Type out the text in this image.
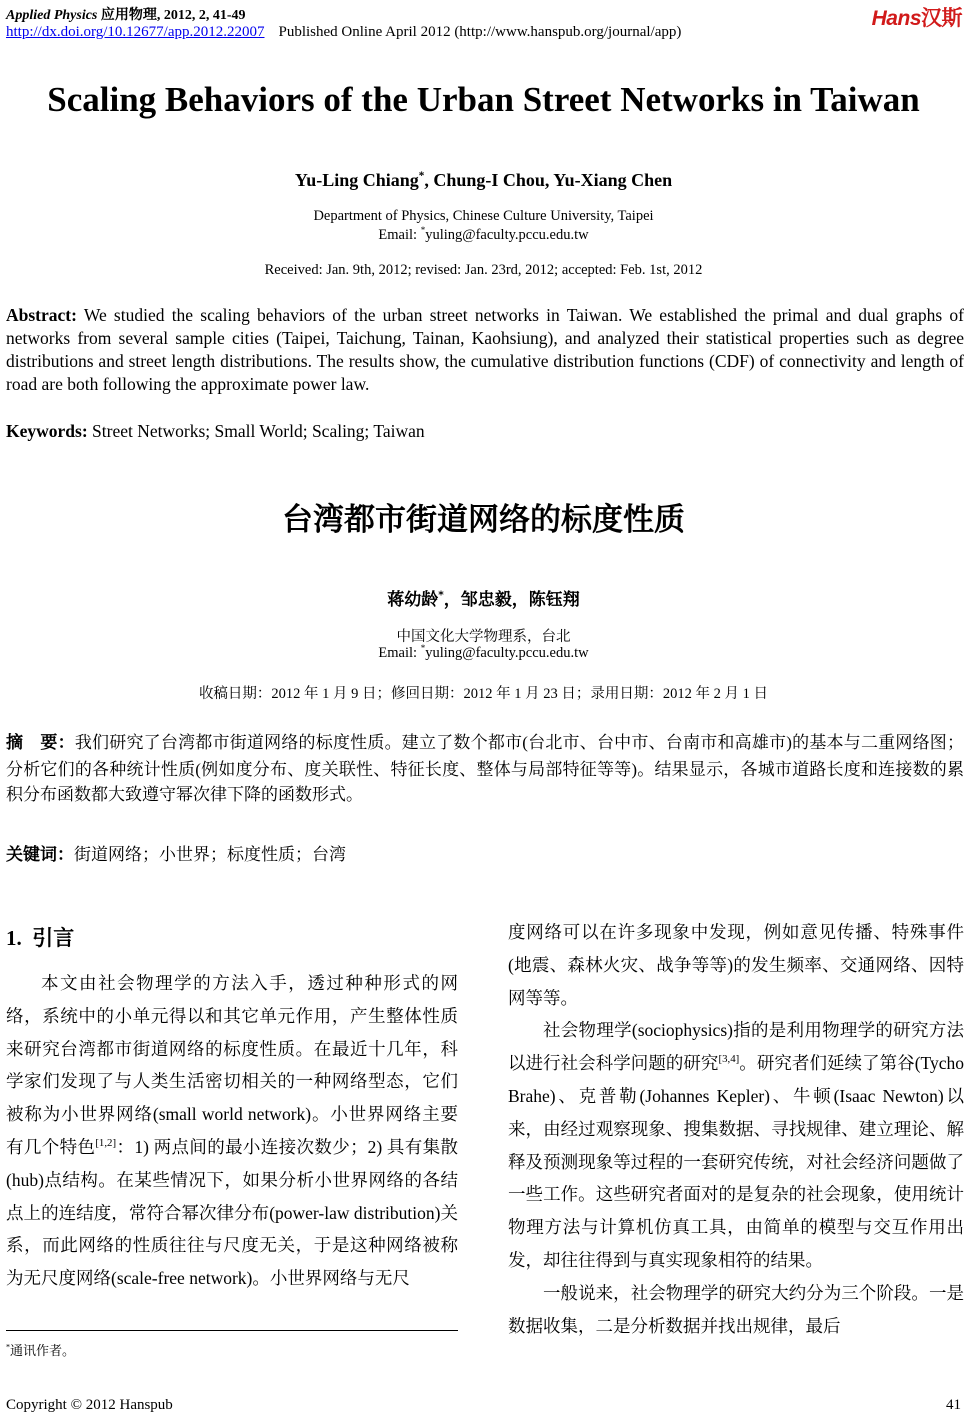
Applied Physics 应用物理, 2012, 2, 41-49
http://dx.doi.org/10.12677/app.2012.22007 Published Online April 2012 (http://www.hanspub.org/journal/app)
Hans汉斯
Scaling Behaviors of the Urban Street Networks in Taiwan
Yu-Ling Chiang*, Chung-I Chou, Yu-Xiang Chen
Department of Physics, Chinese Culture University, Taipei
Email: *yuling@faculty.pccu.edu.tw
Received: Jan. 9th, 2012; revised: Jan. 23rd, 2012; accepted: Feb. 1st, 2012
Abstract: We studied the scaling behaviors of the urban street networks in Taiwan. We established the primal and dual graphs of networks from several sample cities (Taipei, Taichung, Tainan, Kaohsiung), and analyzed their statistical properties such as degree distributions and street length distributions. The results show, the cumulative distribution functions (CDF) of connectivity and length of road are both following the approximate power law.
Keywords: Street Networks; Small World; Scaling; Taiwan
台湾都市街道网络的标度性质
蒋幼龄*，邹忠毅，陈钰翔
中国文化大学物理系，台北
Email: *yuling@faculty.pccu.edu.tw
收稿日期：2012 年 1 月 9 日；修回日期：2012 年 1 月 23 日；录用日期：2012 年 2 月 1 日
摘　要：我们研究了台湾都市街道网络的标度性质。建立了数个都市(台北市、台中市、台南市和高雄市)的基本与二重网络图；分析它们的各种统计性质(例如度分布、度关联性、特征长度、整体与局部特征等等)。结果显示，各城市道路长度和连接数的累积分布函数都大致遵守幂次律下降的函数形式。
关键词：街道网络；小世界；标度性质；台湾
1. 引言

本文由社会物理学的方法入手，透过种种形式的网络，系统中的小单元得以和其它单元作用，产生整体性质来研究台湾都市街道网络的标度性质。在最近十几年，科学家们发现了与人类生活密切相关的一种网络型态，它们被称为小世界网络(small world network)。小世界网络主要有几个特色[1,2]：1) 两点间的最小连接次数少；2) 具有集散(hub)点结构。在某些情况下，如果分析小世界网络的各结点上的连结度，常符合幂次律分布(power-law distribution)关系，而此网络的性质往往与尺度无关，于是这种网络被称为无尺度网络(scale-free network)。小世界网络与无尺

度网络可以在许多现象中发现，例如意见传播、特殊事件(地震、森林火灾、战争等等)的发生频率、交通网络、因特网等等。

社会物理学(sociophysics)指的是利用物理学的研究方法以进行社会科学问题的研究[3,4]。研究者们延续了第谷(Tycho Brahe)、克普勒(Johannes Kepler)、牛顿(Isaac Newton)以来，由经过观察现象、搜集数据、寻找规律、建立理论、解释及预测现象等过程的一套研究传统，对社会经济问题做了一些工作。这些研究者面对的是复杂的社会现象，使用统计物理方法与计算机仿真工具，由简单的模型与交互作用出发，却往往得到与真实现象相符的结果。

一般说来，社会物理学的研究大约分为三个阶段。一是数据收集，二是分析数据并找出规律，最后

*通讯作者。
Copyright © 2012 Hanspub	41
